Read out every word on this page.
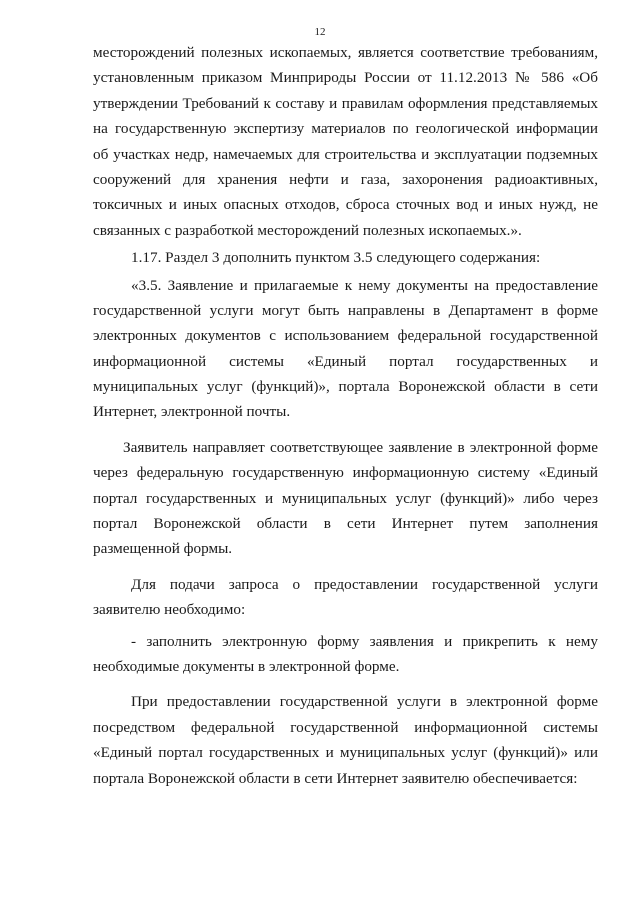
12
месторождений полезных ископаемых, является соответствие требованиям,
установленным приказом Минприроды России от 11.12.2013 № 586 «Об
утверждении Требований к составу и правилам оформления представляемых
на государственную экспертизу материалов по геологической информации
об участках недр, намечаемых для строительства и эксплуатации подземных
сооружений для хранения нефти и газа, захоронения радиоактивных,
токсичных и иных опасных отходов, сброса сточных вод и иных нужд, не
связанных с разработкой месторождений полезных ископаемых.».
1.17. Раздел 3 дополнить пунктом 3.5 следующего содержания:
«3.5. Заявление и прилагаемые к нему документы на предоставление
государственной услуги могут быть направлены в Департамент в форме
электронных документов с использованием федеральной государственной
информационной системы «Единый портал государственных и
муниципальных услуг (функций)», портала Воронежской области в сети
Интернет, электронной почты.
Заявитель направляет соответствующее заявление в электронной форме
через федеральную государственную информационную систему «Единый
портал государственных и муниципальных услуг (функций)» либо через
портал Воронежской области в сети Интернет путем заполнения
размещенной формы.
Для подачи запроса о предоставлении государственной услуги
заявителю необходимо:
- заполнить электронную форму заявления и прикрепить к нему
необходимые документы в электронной форме.
При предоставлении государственной услуги в электронной форме
посредством федеральной государственной информационной системы
«Единый портал государственных и муниципальных услуг (функций)» или
портала Воронежской области в сети Интернет заявителю обеспечивается:
